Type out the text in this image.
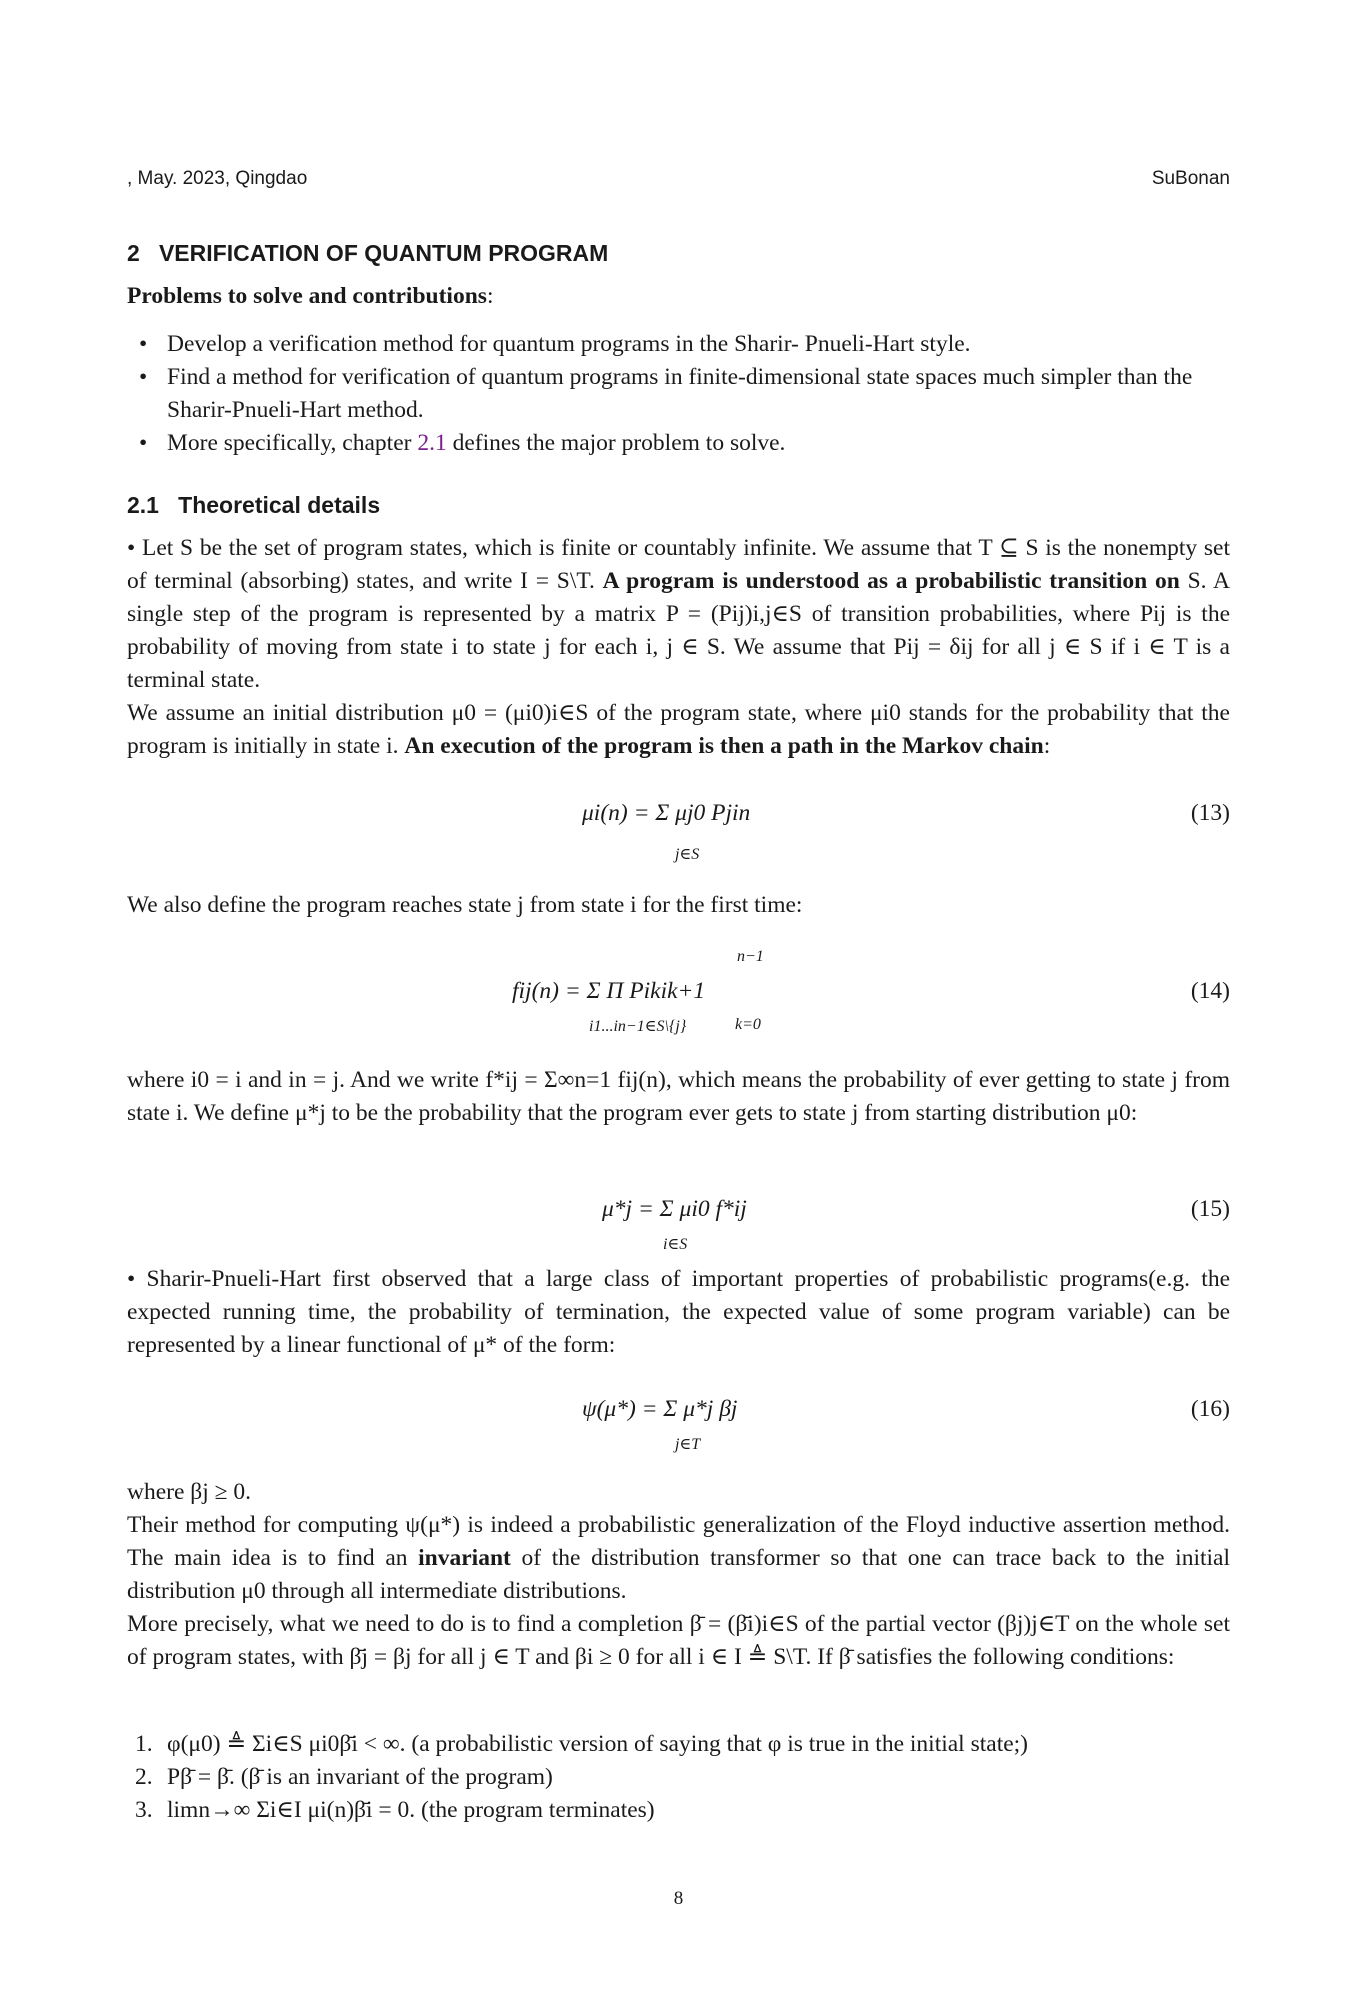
, May. 2023, Qingdao	SuBonan
2 VERIFICATION OF QUANTUM PROGRAM
Problems to solve and contributions:
• Develop a verification method for quantum programs in the Sharir- Pnueli-Hart style.
• Find a method for verification of quantum programs in finite-dimensional state spaces much simpler than the Sharir-Pnueli-Hart method.
• More specifically, chapter 2.1 defines the major problem to solve.
2.1 Theoretical details
• Let S be the set of program states, which is finite or countably infinite. We assume that T ⊆ S is the nonempty set of terminal (absorbing) states, and write I = S\T. A program is understood as a probabilistic transition on S. A single step of the program is represented by a matrix P = (Pij)i,j∈S of transition probabilities, where Pij is the probability of moving from state i to state j for each i, j ∈ S. We assume that Pij = δij for all j ∈ S if i ∈ T is a terminal state.
We assume an initial distribution μ0 = (μi0)i∈S of the program state, where μi0 stands for the probability that the program is initially in state i. An execution of the program is then a path in the Markov chain:
μi(n) = Σ μj0 Pjin
j∈S
(13)
We also define the program reaches state j from state i for the first time:
n−1
fij(n) = Σ Π Pikik+1
i1...in−1∈S\{j}	k=0
(14)
where i0 = i and in = j. And we write f*ij = Σ∞n=1 fij(n), which means the probability of ever getting to state j from state i. We define μ*j to be the probability that the program ever gets to state j from starting distribution μ0:
μ*j = Σ μi0 f*ij
i∈S
(15)
• Sharir-Pnueli-Hart first observed that a large class of important properties of probabilistic programs(e.g. the expected running time, the probability of termination, the expected value of some program variable) can be represented by a linear functional of μ* of the form:
ψ(μ*) = Σ μ*j βj
j∈T
(16)
where βj ≥ 0.
Their method for computing ψ(μ*) is indeed a probabilistic generalization of the Floyd inductive assertion method. The main idea is to find an invariant of the distribution transformer so that one can trace back to the initial distribution μ0 through all intermediate distributions.
More precisely, what we need to do is to find a completion β̄ = (β̄i)i∈S of the partial vector (βj)j∈T on the whole set of program states, with β̄j = βj for all j ∈ T and βi ≥ 0 for all i ∈ I ≜ S\T. If β̄ satisfies the following conditions:
1. φ(μ0) ≜ Σi∈S μi0β̄i < ∞. (a probabilistic version of saying that φ is true in the initial state;)
2. Pβ̄ = β̄. (β̄ is an invariant of the program)
3. limn→∞ Σi∈I μi(n)β̄i = 0. (the program terminates)
8
